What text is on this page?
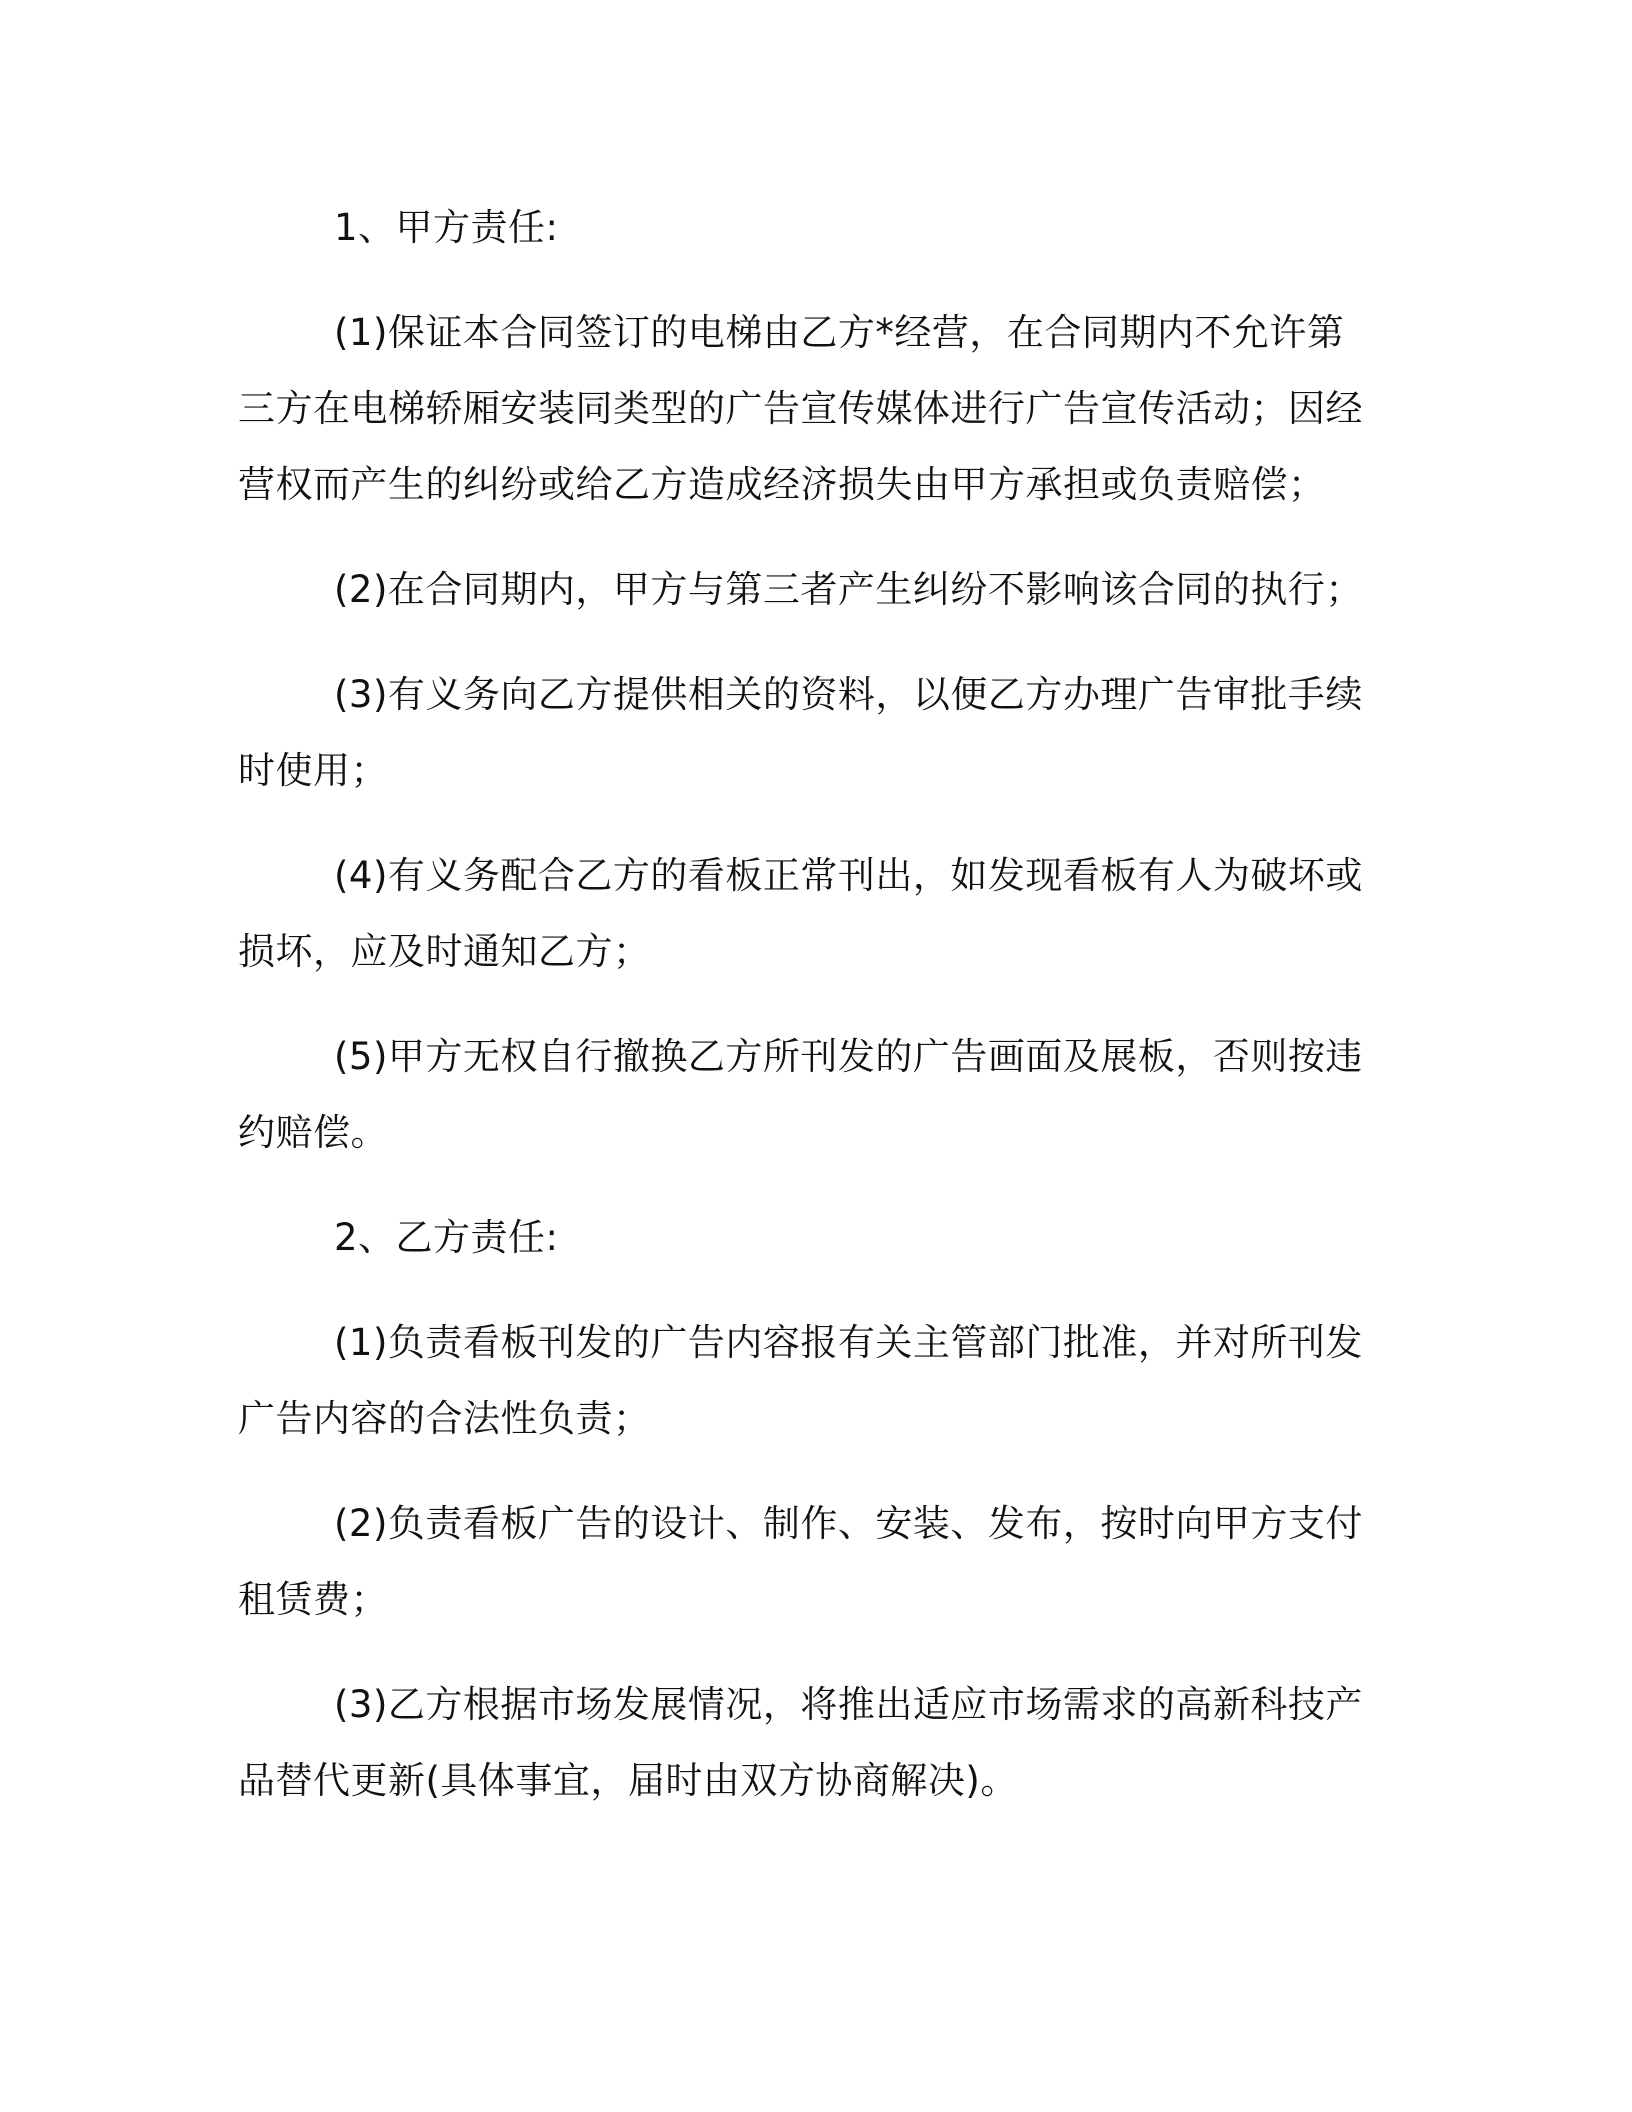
1、甲方责任:

(1)保证本合同签订的电梯由乙方*经营，在合同期内不允许第三方在电梯轿厢安装同类型的广告宣传媒体进行广告宣传活动；因经营权而产生的纠纷或给乙方造成经济损失由甲方承担或负责赔偿；

(2)在合同期内，甲方与第三者产生纠纷不影响该合同的执行；

(3)有义务向乙方提供相关的资料，以便乙方办理广告审批手续时使用；

(4)有义务配合乙方的看板正常刊出，如发现看板有人为破坏或损坏，应及时通知乙方；

(5)甲方无权自行撤换乙方所刊发的广告画面及展板，否则按违约赔偿。

2、乙方责任:

(1)负责看板刊发的广告内容报有关主管部门批准，并对所刊发广告内容的合法性负责；

(2)负责看板广告的设计、制作、安装、发布，按时向甲方支付租赁费；

(3)乙方根据市场发展情况，将推出适应市场需求的高新科技产品替代更新(具体事宜，届时由双方协商解决)。
